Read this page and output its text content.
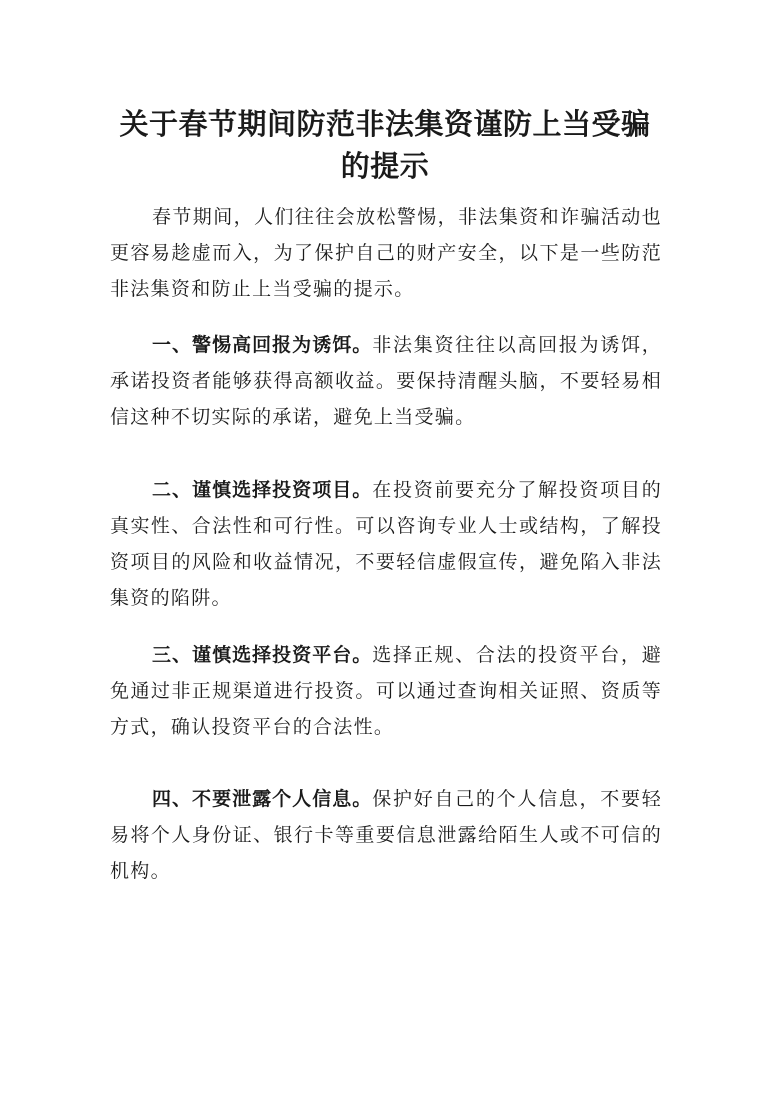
关于春节期间防范非法集资谨防上当受骗
的提示

春节期间，人们往往会放松警惕，非法集资和诈骗活动也更容易趁虚而入，为了保护自己的财产安全，以下是一些防范非法集资和防止上当受骗的提示。

一、警惕高回报为诱饵。非法集资往往以高回报为诱饵，承诺投资者能够获得高额收益。要保持清醒头脑，不要轻易相信这种不切实际的承诺，避免上当受骗。

二、谨慎选择投资项目。在投资前要充分了解投资项目的真实性、合法性和可行性。可以咨询专业人士或结构，了解投资项目的风险和收益情况，不要轻信虚假宣传，避免陷入非法集资的陷阱。

三、谨慎选择投资平台。选择正规、合法的投资平台，避免通过非正规渠道进行投资。可以通过查询相关证照、资质等方式，确认投资平台的合法性。

四、不要泄露个人信息。保护好自己的个人信息，不要轻易将个人身份证、银行卡等重要信息泄露给陌生人或不可信的机构。
